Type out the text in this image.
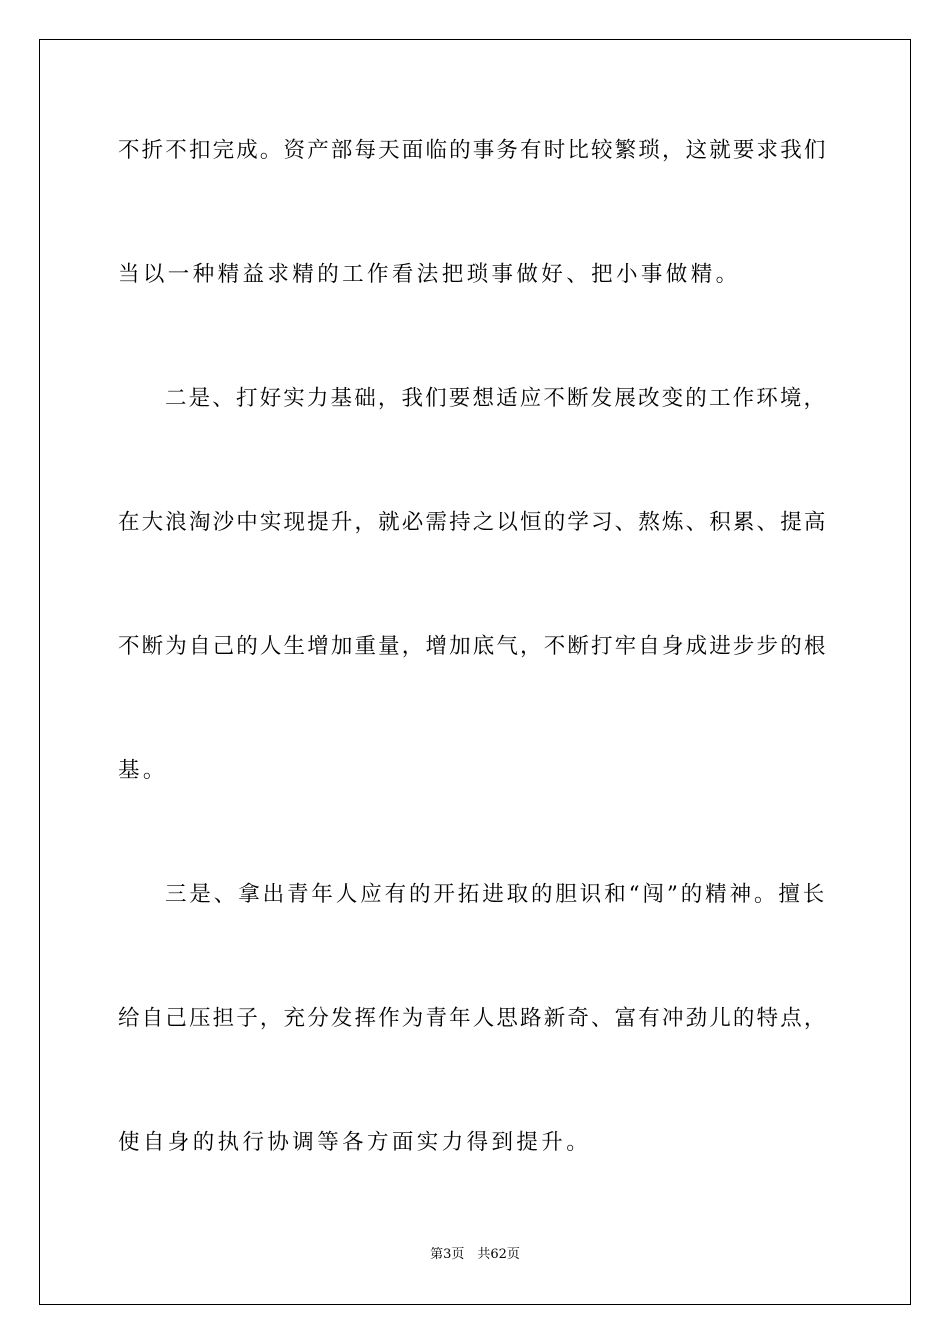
不折不扣完成。资产部每天面临的事务有时比较繁琐，这就要求我们
当以一种精益求精的工作看法把琐事做好、把小事做精。
二是、打好实力基础，我们要想适应不断发展改变的工作环境，
在大浪淘沙中实现提升，就必需持之以恒的学习、熬炼、积累、提高
不断为自己的人生增加重量，增加底气，不断打牢自身成进步步的根
基。
三是、拿出青年人应有的开拓进取的胆识和“闯”的精神。擅长
给自己压担子，充分发挥作为青年人思路新奇、富有冲劲儿的特点，
使自身的执行协调等各方面实力得到提升。
第3页　共62页
